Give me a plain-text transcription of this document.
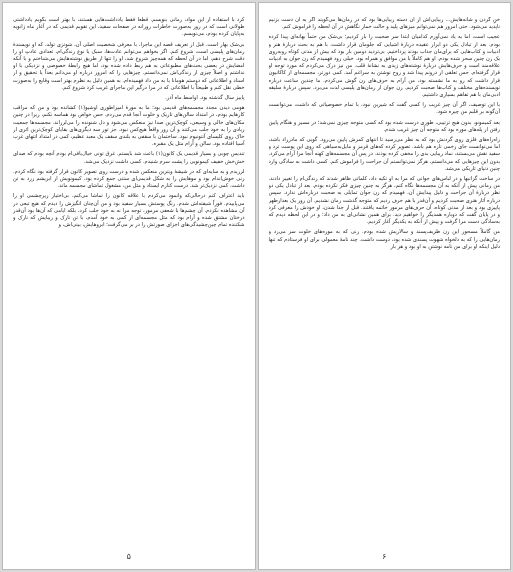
کرد با استفاده از این مواد، رمانی بنویسم. قطعاً فقط یادداشت‌هایی هستند، با بهتر است بگویم یادداشتی طولانی است که در روز به‌صورت خاطرات روزانه در صفحات سفید، این تقویم قدیمی که در آغاز ماه ژانویه به‌پایان کرده بودم، می‌نویسم.

بی‌شک بهار است. قبل از تعریف قصه این ماجرا، با معرفی شخصیت اصلی آن، شوتزی تولد، که او نویسندهٔ رمان‌های پلیسی است، شروع کنم. اگر بخواهم می‌توانم عادت‌ها، سبک یا نوع زندگی‌ام، تعدادی عادتِ او را دقت شرح دهم، اما در آن لحظه که همه‌چیز شروع شد، او را تنها از طریق نوشته‌هایش می‌شناختم و با آنکه امضایش در بعضی بحث‌های مطبوعاتی به هم ربط داده شده بود، اما هیچ رابطهٔ خصوصی و نزدیکی با او نداشتم و اصلاً چیزی از زندگی‌اش نمی‌دانستم. چیزهایی را که امروز درباره او می‌دانم بعداً یا تحقیق و از اسناد و اطلاعاتی که دوستم هومانا با به من داد فهمیده‌ام. به همین دلیل به نظرم بهتر است وقایع را به‌صورت خطی نقل کنم و طبیعتاً با اطلاعاتی که در مرا درگیر این ماجرای غریب کرد شروع کنم.

پاییز سال گذشته بود. اواسط ماه آذر.

هومی دیدن مجدد مجسمه‌های قدیمی بود؛ ما به موزهٔ امپراطوری اوشیو(۱) کشانده بود و من که مراقب کارهایم بودم، در امتداد سالن‌های تاریک و خلوت آنجا قدم می‌زدم. حس خواص بود هماسه نکنم، زیرا در چنین مکان‌های خالی و وسیعی، کوچک‌ترین صدا نیز منعکس می‌شود و دل شنونده را می‌لرزاند. مجسمه‌ها جمعیت زیادی را به خود جلب می‌کنند و آن روز واقعاً هیچ‌کس نبود. جز تور سه دیگری‌های بقایای کوچک‌ترین اثری از خاک روی کلیسای آنتونیوم نبود. ساختمان با سقفی به بلندی سقف یک معبد عظیم، کمی در امتداد انتهای غرب آسیا افتاده بود. سالن و آرام مثل یک مقبره.

تندیس چوبی و بسیار قدیمی یک کانون(۱) باعث شد بایستم. غرق تونی خیال‌بافی‌ام بودم آنچه بودم که صدای خش‌خش خفیف کیمونویی را پشت سرم شنیدم. کسی داشت نزدیک می‌شد.

لرزیدم و به سایه‌ای که در شیشهٔ ویترین منعکس شده و درست روی تصویر کانون قرار گرفته بود نگاه کردم. زنی خوش‌اندام بود و موهایش را به شکل قدیمی‌ای ستنی جمع کرده بود. کیمونویش از ابریشم زرد به تن داشت. کمی نزدیک‌تر شد. درست کنارم ایستاد و مثل من، مشغول تماشای مجسمه ماند.

باید اعتراف کنم درحالی‌که وانمود می‌کردم با علاقه کانون را تماشا می‌کنم، بی‌اختیار زیرچشمی او را می‌پاییدم. فوراً شیفته‌اش شدم. رنگ پوستش بسیار سفید بود و من آن‌چنان انگیزش را دیدم که هیچ تبعی در آن مشاهده نکردم. آن چشم‌ها با شعفی مرموز، توجه مرا نه به خود جلب کرد، بلکه ایامی که آن‌ها بود آن‌قدر درختان مشتق شده و آرام بود که مثل مجسمه‌ای از کمی به خود آمدم، با تن نازک و زیبایش که نازک و شکننده تمام چین‌چشیدگی‌های اجزای صورتش را در بر می‌گرفت؛ ابروهایش، بینی‌اش، و

۵

خنِ گردن و شانه‌هایش... زیبایی‌اش از آن دسته زیبایی‌ها بود که در رمان‌ها می‌گویند اگر به آن دست بزنیم ناپدید می‌شود. حتی امروز هم نمی‌توانم میزهای پلید و حالت خمار نگاهش در آن لحظه را فراموش کنم.

عجیب است، اما به یاد نمی‌آورم کدامیان ابتدا سر صحبت را باز کردیم؛ بی‌شک من حتماً بهانه‌ای پیدا کرده بودم. بعد از تبادل یکی دو ابراز عقیده دربارهٔ اشیایی که جلومان قرار داشت، با هم به بحث دربارهٔ هنر و ادبیات و کتاب‌هایی که برای‌مان جذاب بودند پرداختیم. بی‌تردید دومین بار بود که بیش از مدتی کوتاه روبه‌روی یک زن چنین سحر شده بودم. او هم کاملاً با من موافق و همراه بود. خیلی زود فهمیدم که زن جوان به ادبیات علاقه‌مند است و حرف‌هایش دربارهٔ نوشته‌های ژیدی به نشانهٔ قلب. من نیز درک می‌کردم که مورد توجه او قرار گرفته‌ام. حس تعلقی از درونم پیدا شد و روح نوشتن به سراغم آمد. کمی دورتر، مجسمه‌ای از کاکانیون قرار داشت که رو به ما نشسته بود، من آرام به حرف‌های زن گوش می‌کردم. ما چندین ساعت درباره نویسنده‌های مختلف و کتاب‌ها صحبت کردیم. زن جوان از رمان‌های پلیسی لذت می‌برد. سپس دربارهٔ سلیقه ادبی‌مان با هم تفاهم بسیاری داشتیم.

با این توصیف، اگر آن چیز غریب را کسی گفت که شیرین نبود، با تمام خصوصیاتی که داشت، می‌توانست آن‌گونه بر قلبم من چیره شود.

بعد کمیمونو، بدون هیچ ترتیبی، طوری درست شده بود که کسی متوجه چیزی نمی‌شد؛ در مسیر و هنگام پایین رفتن از پله‌های موزه بود که متوجه آن چیز غریب شدم.

راه‌راه‌های فلزی روی گردنش بود که به نظر می‌رسید تا انتهای کمرش پایین می‌رود. گویی که مادرزاد باشد، اما می‌توانست جای زخمی تازه هم باشد. تصویر کرده که‌های قرمز و مایل‌به‌سیاهی که روی این پوست ترد و سفید نقش می‌بستند، نماد زیبایی بدی را مخفی کرده بودند. در پس آن مجسمه‌های کهنه آنجا مرا آرام می‌کرد. بدون این چیزهایی که می‌دانستم، هرگز نمی‌توانستم آن جراحت را فراموش کنم. کسی داشت به سادگی وارد چنین دنیای تاریکی می‌شد.

در ساخت گرانبها و در لباس‌های جوانی که مرا به او تکیه داد، کلماتی ظاهر شدند که زندگی‌ام را تغییر دادند. من زمانی پیش از آنکه به آن مجسمه‌ها نگاه کنم، هرگز به چنین چیزی فکر نکرده بودم. بعد از تبادل یکی دو نظر دربارهٔ آن جراحت و دلیل پیدایش آن، فهمیدم که زن جوان تمایلی به صحبت درباره‌اش ندارد. سپس درباره آثار هنری صحبت کردیم و آن‌قدر با هم حرف زدیم که متوجه گذشت زمان نشدیم. آن روز یک بعدازظهر پاییزی بود و بعد از مدتی کوتاه، آن حرف‌های مرموز خاتمه یافتند. قبل از جدا شدن، او خودش را معرفی کرد و در پایان گفت که دوباره همدیگر را خواهیم دید. برای همین نشانی‌ای به من داد؛ و در این لحظه دیدم که به‌سادگی دست مرا گرفت و پیش از آنکه به یکدیگر آغاز کردیم.

من گاملاً مسحور این زن ظریف‌پسند و سالاریش شده بودم. زنی که به موزه‌های خلوت سر می‌زد و رمان‌هایی را که به دلخواه شهوت پسندی شده بود، دوست داشت. چند نامهٔ معمولی برای او فرستادم که تنها دلیل اینکه او برای من نامه نوشتن به او بود و هر بار

۶
